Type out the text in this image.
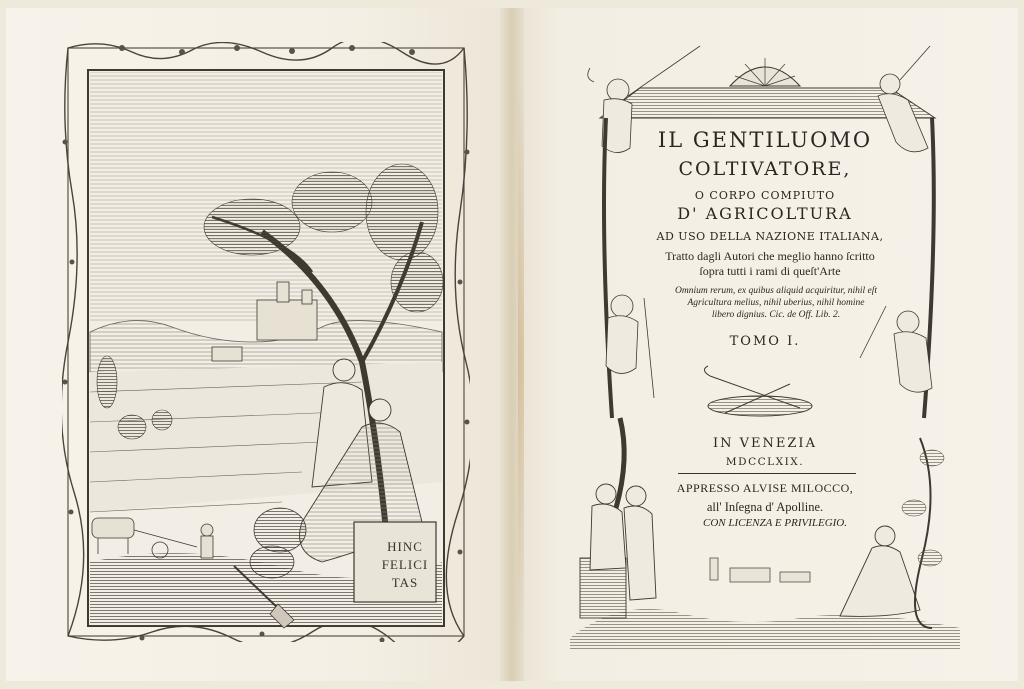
HINC
FELICI
TAS
IL GENTILUOMO
COLTIVATORE,
O CORPO COMPIUTO
D' AGRICOLTURA
AD USO DELLA NAZIONE ITALIANA,
Tratto dagli Autori che meglio hanno ſcritto
ſopra tutti i rami di queſt'Arte
Omnium rerum, ex quibus aliquid acquiritur, nihil eſt
Agricultura melius, nihil uberius, nihil homine
libero dignius. Cic. de Off. Lib. 2.
TOMO I.
IN VENEZIA
MDCCLXIX.
APPRESSO ALVISE MILOCCO,
all' Inſegna d' Apolline.
CON LICENZA E PRIVILEGIO.
